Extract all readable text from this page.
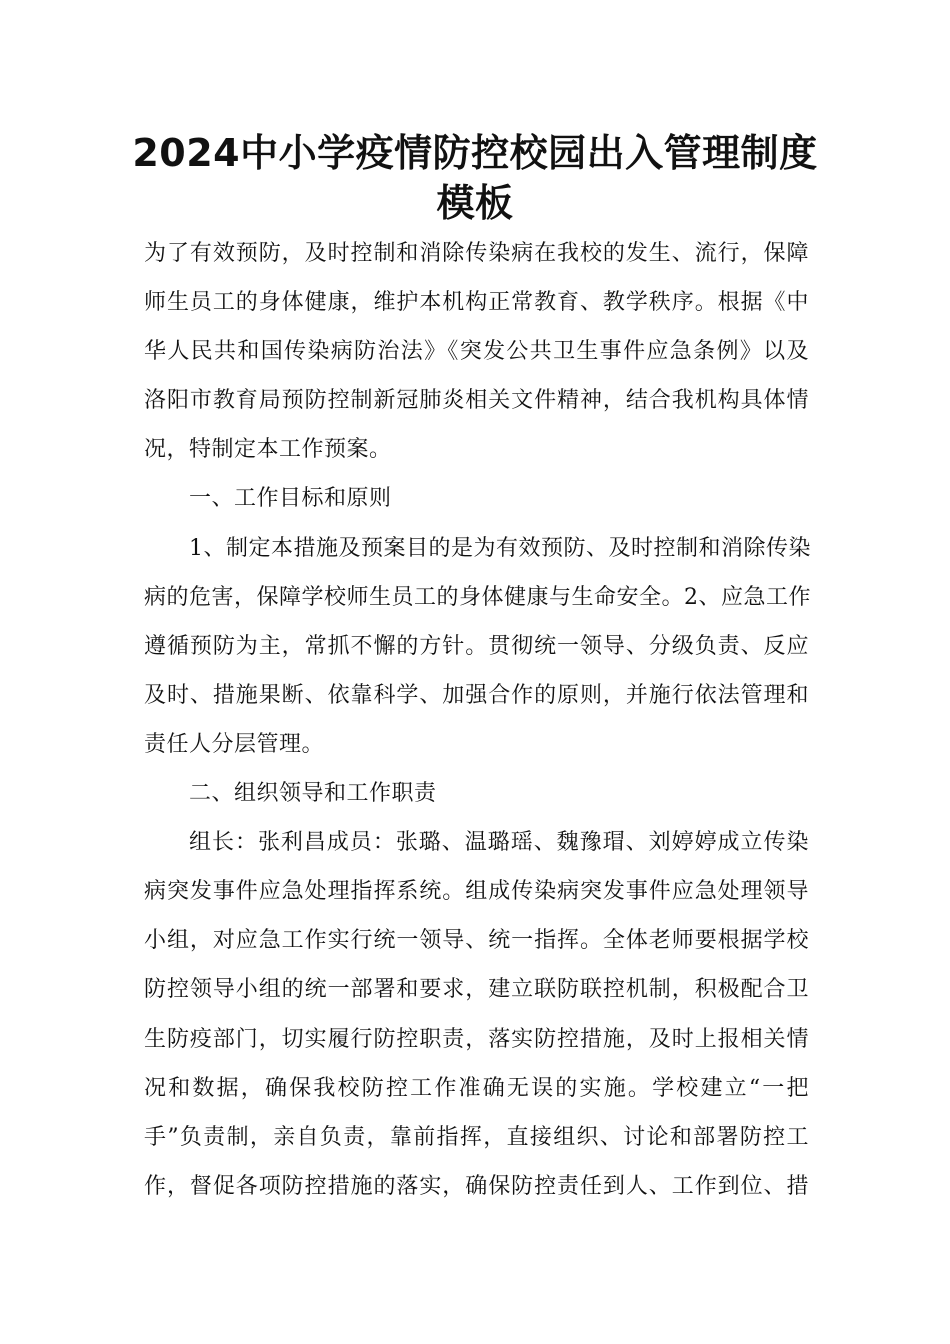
2024中小学疫情防控校园出入管理制度
模板
为了有效预防，及时控制和消除传染病在我校的发生、流行，保障
师生员工的身体健康，维护本机构正常教育、教学秩序。根据《中
华人民共和国传染病防治法》《突发公共卫生事件应急条例》以及
洛阳市教育局预防控制新冠肺炎相关文件精神，结合我机构具体情
况，特制定本工作预案。
一、工作目标和原则
1、制定本措施及预案目的是为有效预防、及时控制和消除传染
病的危害，保障学校师生员工的身体健康与生命安全。2、应急工作
遵循预防为主，常抓不懈的方针。贯彻统一领导、分级负责、反应
及时、措施果断、依靠科学、加强合作的原则，并施行依法管理和
责任人分层管理。
二、组织领导和工作职责
组长：张利昌成员：张璐、温璐瑶、魏豫瑁、刘婷婷成立传染
病突发事件应急处理指挥系统。组成传染病突发事件应急处理领导
小组，对应急工作实行统一领导、统一指挥。全体老师要根据学校
防控领导小组的统一部署和要求，建立联防联控机制，积极配合卫
生防疫部门，切实履行防控职责，落实防控措施，及时上报相关情
况和数据，确保我校防控工作准确无误的实施。学校建立“一把
手”负责制，亲自负责，靠前指挥，直接组织、讨论和部署防控工
作，督促各项防控措施的落实，确保防控责任到人、工作到位、措
